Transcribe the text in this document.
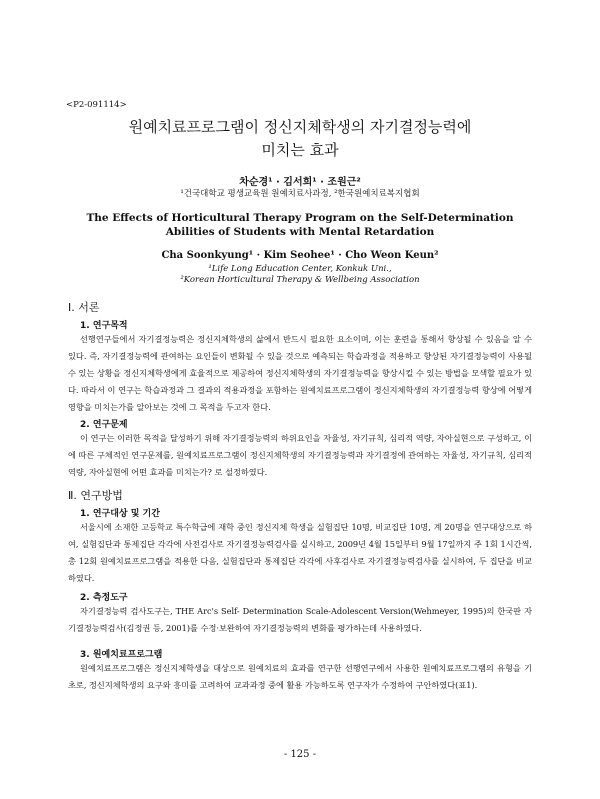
<P2-091114>
원예치료프로그램이 정신지체학생의 자기결정능력에
미치는 효과
차순경¹ · 김서희¹ · 조원근²
¹건국대학교 평생교육원 원예치료사과정, ²한국원예치료복지협회
The Effects of Horticultural Therapy Program on the Self-Determination
Abilities of Students with Mental Retardation
Cha Soonkyung¹ · Kim Seohee¹ · Cho Weon Keun²
¹Life Long Education Center, Konkuk Uni.,
²Korean Horticultural Therapy & Wellbeing Association
Ⅰ. 서론
1. 연구목적

선행연구들에서 자기결정능력은 정신지체학생의 삶에서 반드시 필요한 요소이며, 이는 훈련을 통해서 향상될 수 있음을 알 수 있다. 즉, 자기결정능력에 관여하는 요인들이 변화될 수 있을 것으로 예측되는 학습과정을 적용하고 향상된 자기결정능력이 사용될 수 있는 상황을 정신지체학생에게 효율적으로 제공하여 정신지체학생의 자기결정능력을 향상시킬 수 있는 방법을 모색할 필요가 있다. 따라서 이 연구는 학습과정과 그 결과의 적용과정을 포함하는 원예치료프로그램이 정신지체학생의 자기결정능력 향상에 어떻게 영향을 미치는가를 알아보는 것에 그 목적을 두고자 한다.

2. 연구문제

이 연구는 이러한 목적을 달성하기 위해 자기결정능력의 하위요인을 자율성, 자기규칙, 심리적 역량, 자아실현으로 구성하고, 이에 따른 구체적인 연구문제를, 원예치료프로그램이 정신지체학생의 자기결정능력과 자기결정에 관여하는 자율성, 자기규칙, 심리적 역량, 자아실현에 어떤 효과를 미치는가? 로 설정하였다.

Ⅱ. 연구방법
1. 연구대상 및 기간

서울시에 소재한 고등학교 특수학급에 재학 중인 정신지체 학생을 실험집단 10명, 비교집단 10명, 계 20명을 연구대상으로 하여, 실험집단과 통제집단 각각에 사전검사로 자기결정능력검사를 실시하고, 2009년 4월 15일부터 9월 17일까지 주 1회 1시간씩, 총 12회 원예치료프로그램을 적용한 다음, 실험집단과 통제집단 각각에 사후검사로 자기결정능력검사를 실시하여, 두 집단을 비교하였다.

2. 측정도구

자기결정능력 검사도구는, THE Arc's Self- Determination Scale-Adolescent Version(Wehmeyer, 1995)의 한국판 자기결정능력검사(김정권 등, 2001)를 수정·보완하여 자기결정능력의 변화를 평가하는데 사용하였다.

3. 원예치료프로그램

원예치료프로그램은 정신지체학생을 대상으로 원예치료의 효과를 연구한 선행연구에서 사용한 원예치료프로그램의 유형을 기초로, 정신지체학생의 요구와 흥미를 고려하여 교과과정 중에 활용 가능하도록 연구자가 수정하여 구안하였다(표1).

- 125 -
